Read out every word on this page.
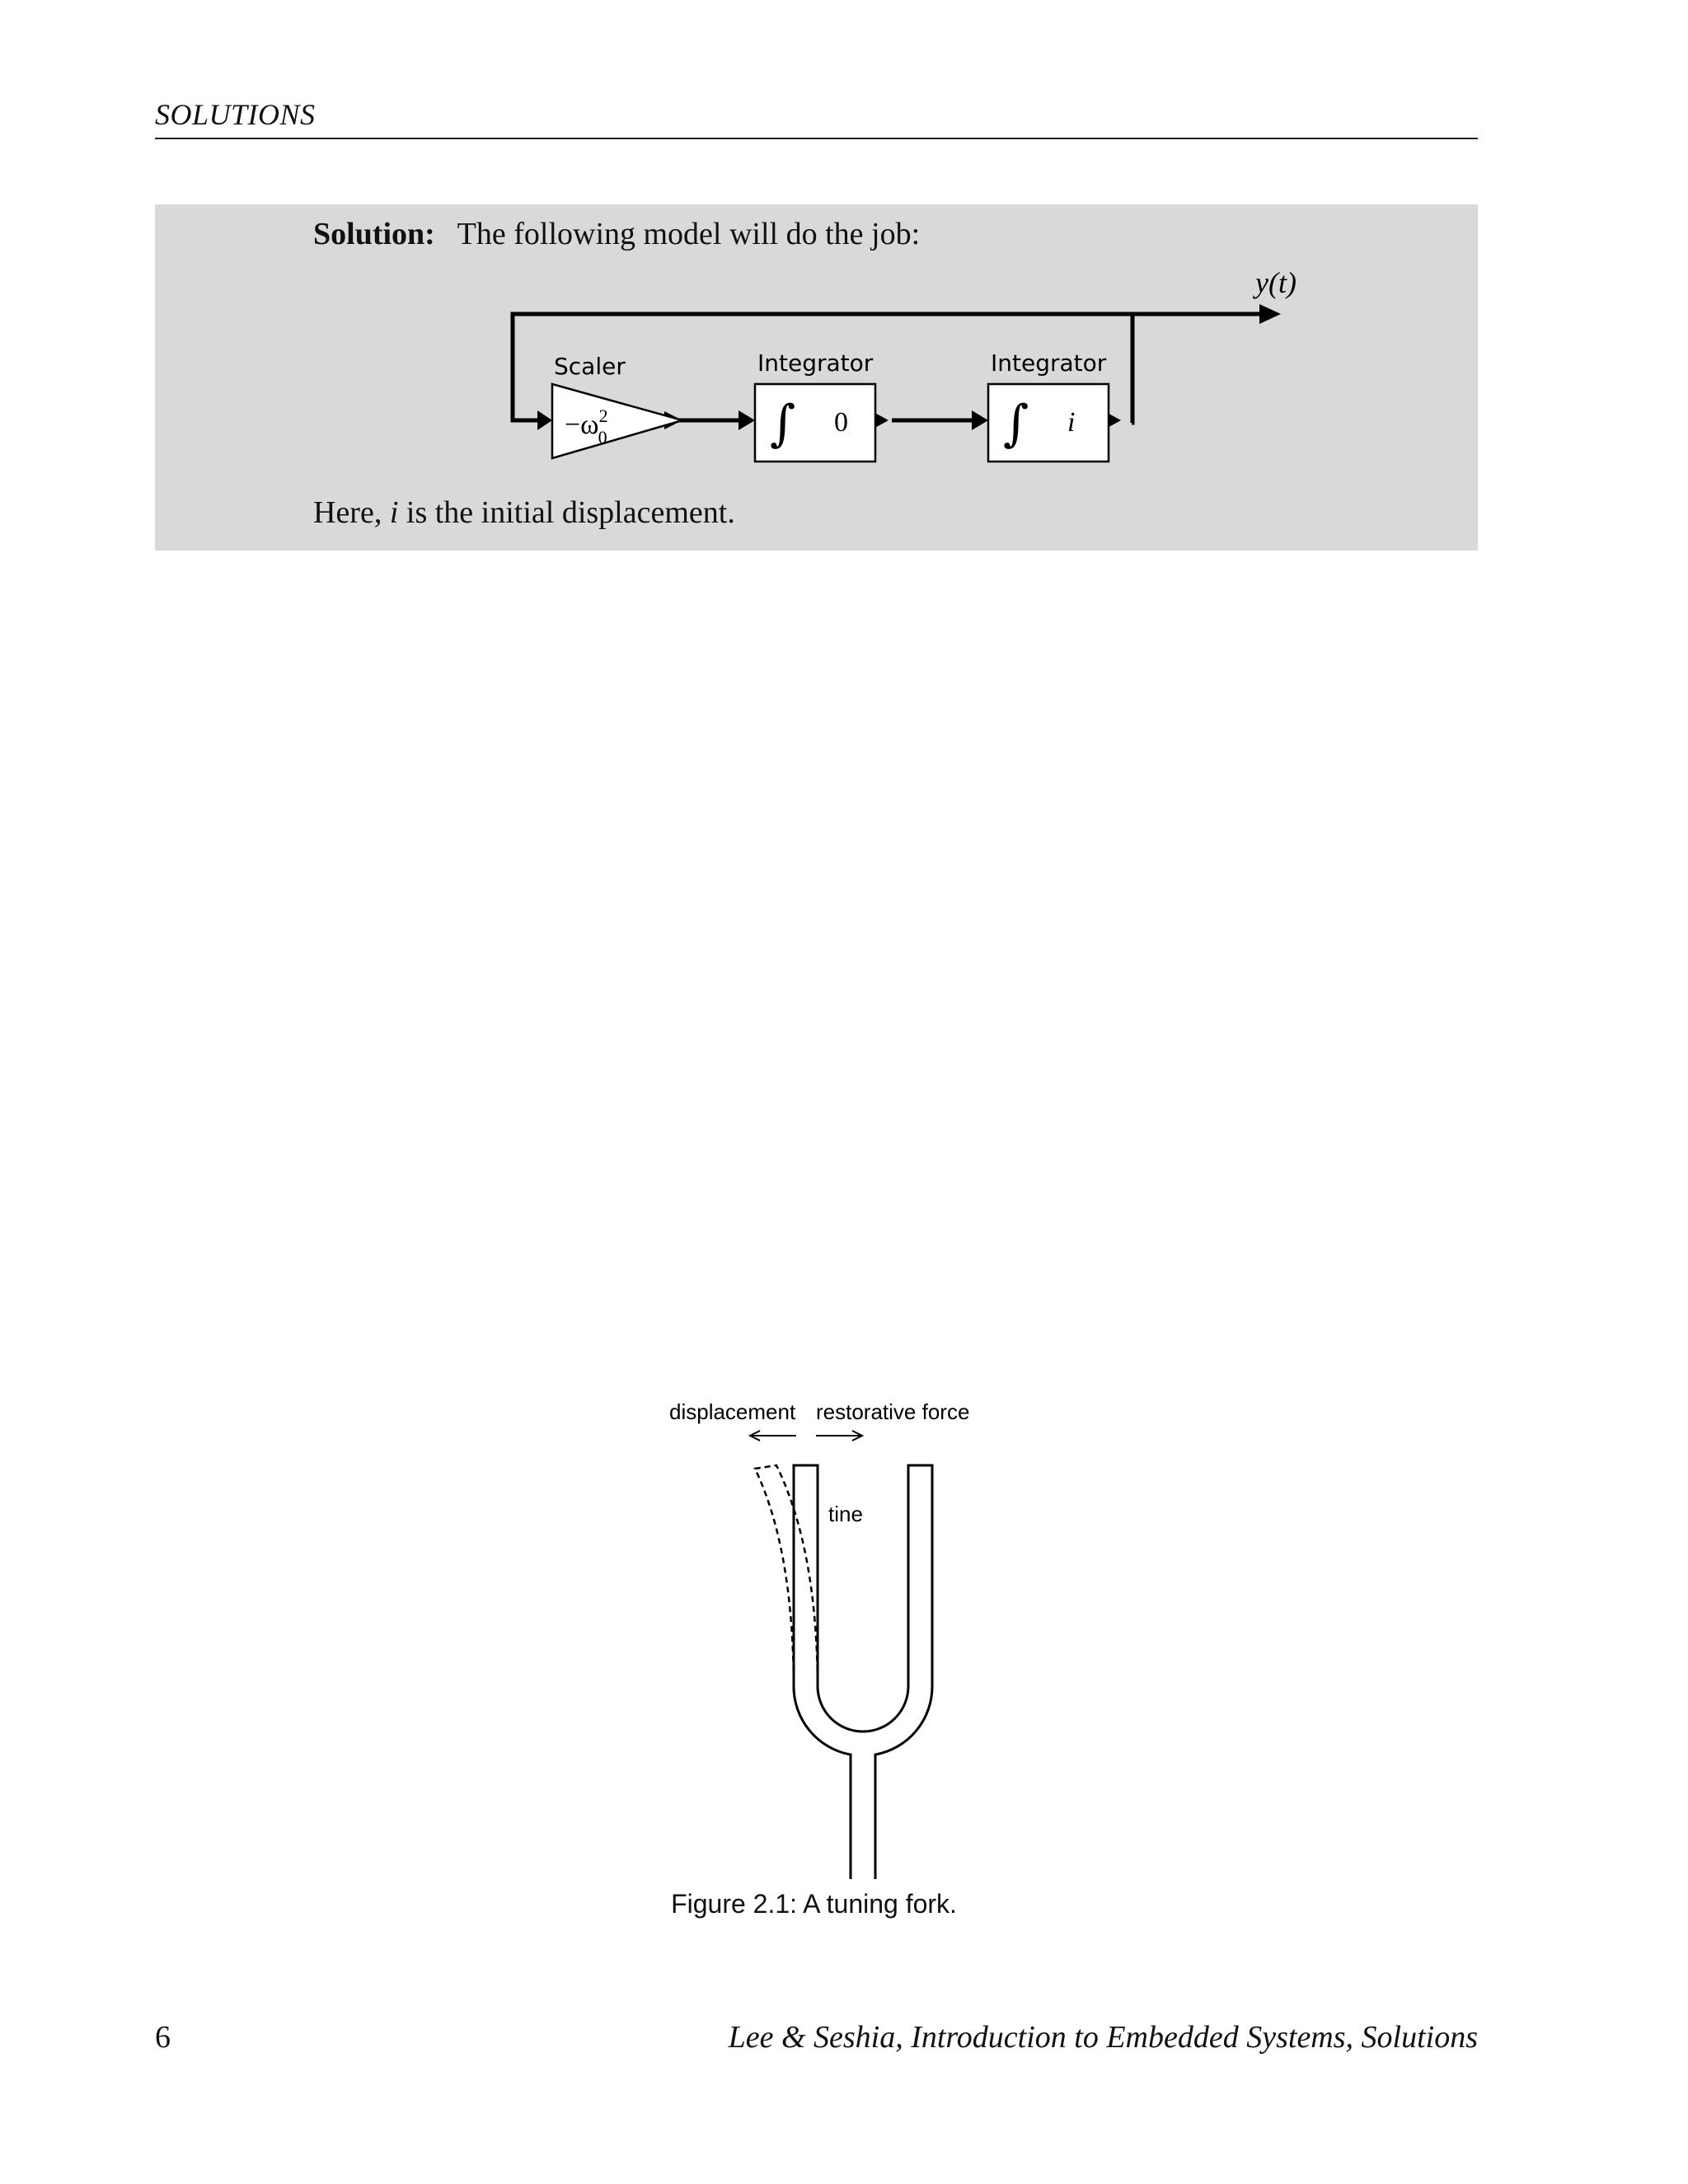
SOLUTIONS
Solution: The following model will do the job:
y(t)
Scaler
$-\omega^2$ 0
Integrator
∫ 0
Integrator
∫ i
Here, i is the initial displacement.
displacement restorative force
tine
Figure 2.1: A tuning fork.
6	Lee & Seshia, Introduction to Embedded Systems, Solutions
